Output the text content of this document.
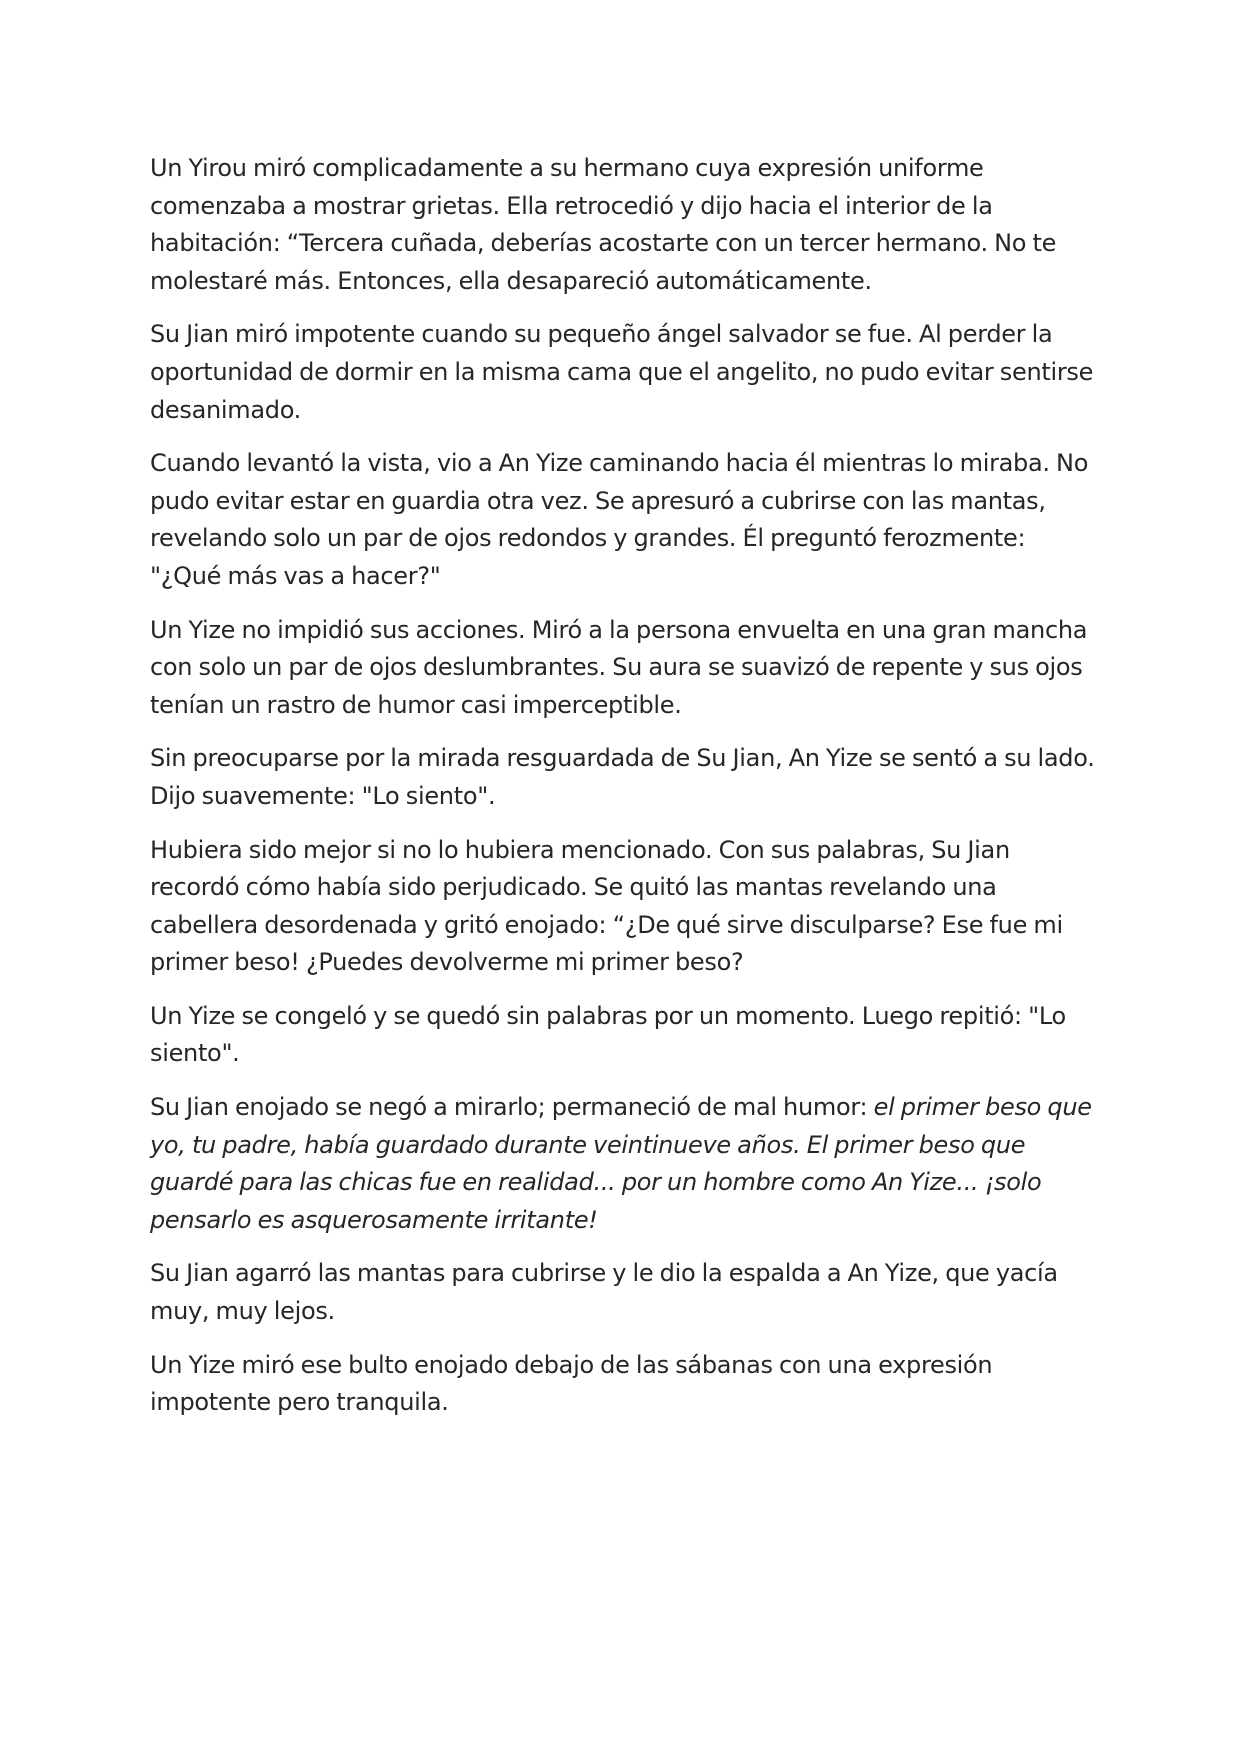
Un Yirou miró complicadamente a su hermano cuya expresión uniforme comenzaba a mostrar grietas. Ella retrocedió y dijo hacia el interior de la habitación: “Tercera cuñada, deberías acostarte con un tercer hermano. No te molestaré más. Entonces, ella desapareció automáticamente.

Su Jian miró impotente cuando su pequeño ángel salvador se fue. Al perder la oportunidad de dormir en la misma cama que el angelito, no pudo evitar sentirse desanimado.

Cuando levantó la vista, vio a An Yize caminando hacia él mientras lo miraba. No pudo evitar estar en guardia otra vez. Se apresuró a cubrirse con las mantas, revelando solo un par de ojos redondos y grandes. Él preguntó ferozmente: "¿Qué más vas a hacer?"

Un Yize no impidió sus acciones. Miró a la persona envuelta en una gran mancha con solo un par de ojos deslumbrantes. Su aura se suavizó de repente y sus ojos tenían un rastro de humor casi imperceptible.

Sin preocuparse por la mirada resguardada de Su Jian, An Yize se sentó a su lado. Dijo suavemente: "Lo siento".

Hubiera sido mejor si no lo hubiera mencionado. Con sus palabras, Su Jian recordó cómo había sido perjudicado. Se quitó las mantas revelando una cabellera desordenada y gritó enojado: “¿De qué sirve disculparse? Ese fue mi primer beso! ¿Puedes devolverme mi primer beso?

Un Yize se congeló y se quedó sin palabras por un momento. Luego repitió: "Lo siento".

Su Jian enojado se negó a mirarlo; permaneció de mal humor: el primer beso que yo, tu padre, había guardado durante veintinueve años. El primer beso que guardé para las chicas fue en realidad... por un hombre como An Yize... ¡solo pensarlo es asquerosamente irritante!

Su Jian agarró las mantas para cubrirse y le dio la espalda a An Yize, que yacía muy, muy lejos.

Un Yize miró ese bulto enojado debajo de las sábanas con una expresión impotente pero tranquila.
